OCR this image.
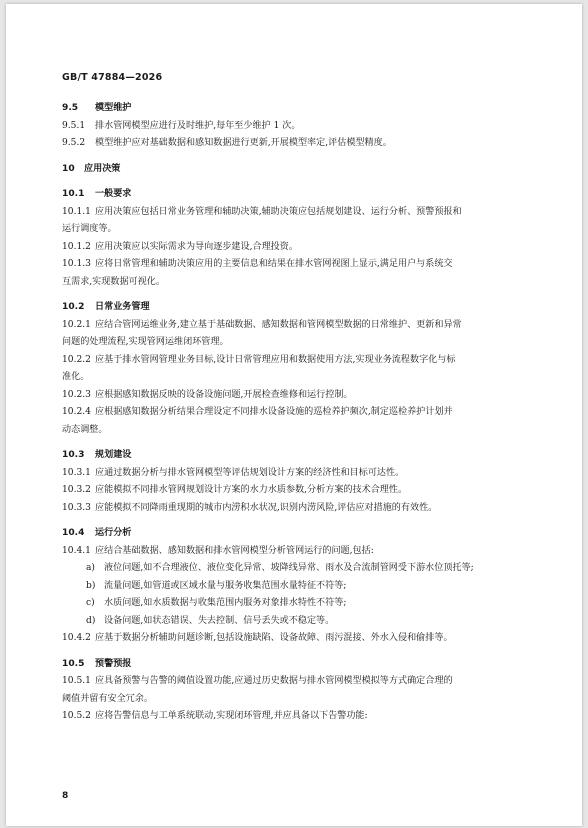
GB/T 47884—2026
9.5 模型维护
9.5.1 排水管网模型应进行及时维护,每年至少维护 1 次。
9.5.2 模型维护应对基础数据和感知数据进行更新,开展模型率定,评估模型精度。
10 应用决策
10.1 一般要求
10.1.1 应用决策应包括日常业务管理和辅助决策,辅助决策应包括规划建设、运行分析、预警预报和
运行调度等。
10.1.2 应用决策应以实际需求为导向逐步建设,合理投资。
10.1.3 应将日常管理和辅助决策应用的主要信息和结果在排水管网视图上显示,满足用户与系统交
互需求,实现数据可视化。
10.2 日常业务管理
10.2.1 应结合管网运维业务,建立基于基础数据、感知数据和管网模型数据的日常维护、更新和异常
问题的处理流程,实现管网运维闭环管理。
10.2.2 应基于排水管网管理业务目标,设计日常管理应用和数据使用方法,实现业务流程数字化与标
准化。
10.2.3 应根据感知数据反映的设备设施问题,开展检查维修和运行控制。
10.2.4 应根据感知数据分析结果合理设定不同排水设备设施的巡检养护频次,制定巡检养护计划并
动态调整。
10.3 规划建设
10.3.1 应通过数据分析与排水管网模型等评估规划设计方案的经济性和目标可达性。
10.3.2 应能模拟不同排水管网规划设计方案的水力水质参数,分析方案的技术合理性。
10.3.3 应能模拟不同降雨重现期的城市内涝积水状况,识别内涝风险,评估应对措施的有效性。
10.4 运行分析
10.4.1 应结合基础数据、感知数据和排水管网模型分析管网运行的问题,包括:
a) 液位问题,如不合理液位、液位变化异常、坡降线异常、雨水及合流制管网受下游水位顶托等;
b) 流量问题,如管道或区域水量与服务收集范围水量特征不符等;
c) 水质问题,如水质数据与收集范围内服务对象排水特性不符等;
d) 设备问题,如状态错误、失去控制、信号丢失或不稳定等。
10.4.2 应基于数据分析辅助问题诊断,包括设施缺陷、设备故障、雨污混接、外水入侵和偷排等。
10.5 预警预报
10.5.1 应具备预警与告警的阈值设置功能,应通过历史数据与排水管网模型模拟等方式确定合理的
阈值并留有安全冗余。
10.5.2 应将告警信息与工单系统联动,实现闭环管理,并应具备以下告警功能:
8
